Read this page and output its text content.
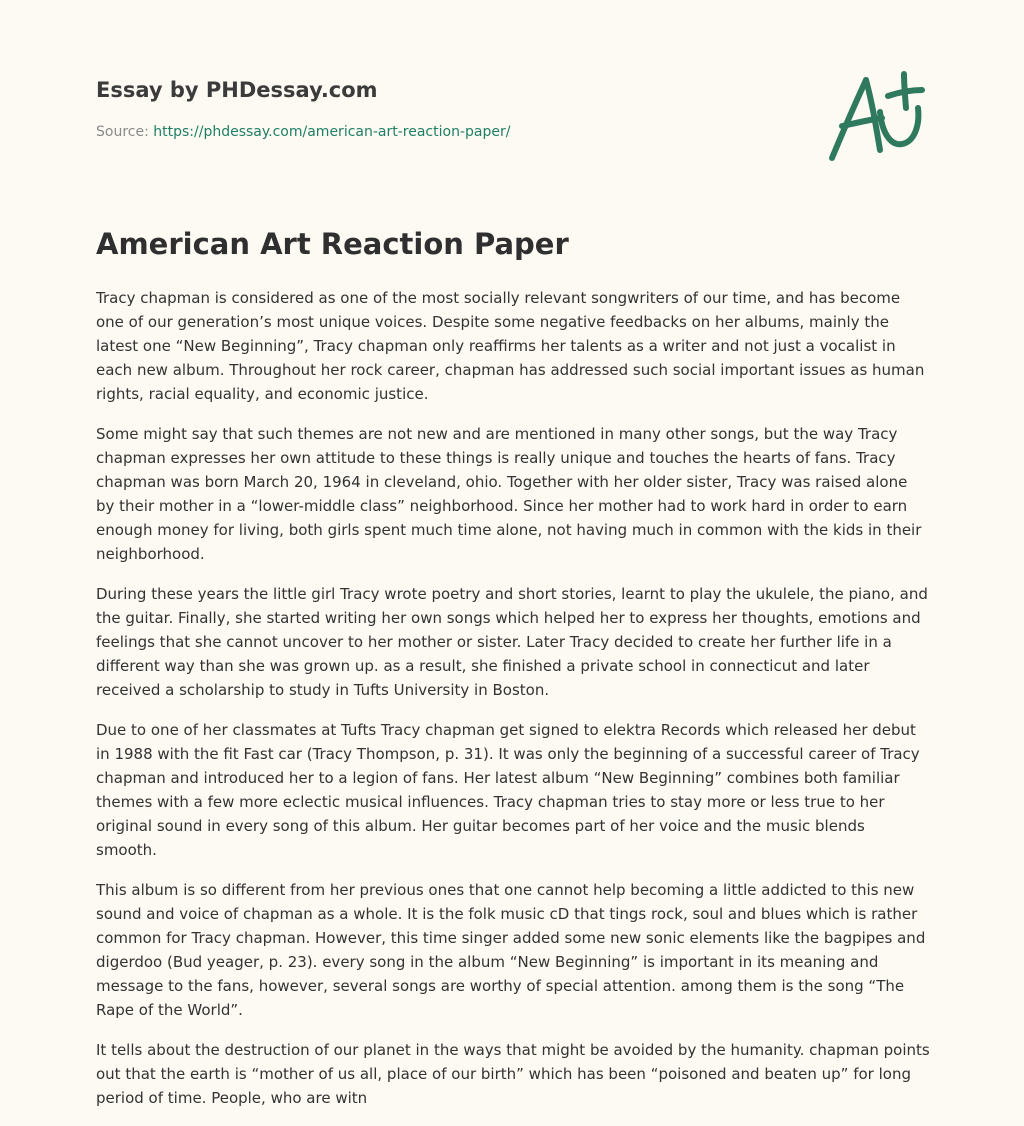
Essay by PHDessay.com
Source: https://phdessay.com/american-art-reaction-paper/
American Art Reaction Paper

Tracy chapman is considered as one of the most socially relevant songwriters of our time, and has become one of our generation’s most unique voices. Despite some negative feedbacks on her albums, mainly the latest one “New Beginning”, Tracy chapman only reaffirms her talents as a writer and not just a vocalist in each new album. Throughout her rock career, chapman has addressed such social important issues as human rights, racial equality, and economic justice.

Some might say that such themes are not new and are mentioned in many other songs, but the way Tracy chapman expresses her own attitude to these things is really unique and touches the hearts of fans. Tracy chapman was born March 20, 1964 in cleveland, ohio. Together with her older sister, Tracy was raised alone by their mother in a “lower-middle class” neighborhood. Since her mother had to work hard in order to earn enough money for living, both girls spent much time alone, not having much in common with the kids in their neighborhood.

During these years the little girl Tracy wrote poetry and short stories, learnt to play the ukulele, the piano, and the guitar. Finally, she started writing her own songs which helped her to express her thoughts, emotions and feelings that she cannot uncover to her mother or sister. Later Tracy decided to create her further life in a different way than she was grown up. as a result, she finished a private school in connecticut and later received a scholarship to study in Tufts University in Boston.

Due to one of her classmates at Tufts Tracy chapman get signed to elektra Records which released her debut in 1988 with the fit Fast car (Tracy Thompson, p. 31). It was only the beginning of a successful career of Tracy chapman and introduced her to a legion of fans. Her latest album “New Beginning” combines both familiar themes with a few more eclectic musical influences. Tracy chapman tries to stay more or less true to her original sound in every song of this album. Her guitar becomes part of her voice and the music blends smooth.

This album is so different from her previous ones that one cannot help becoming a little addicted to this new sound and voice of chapman as a whole. It is the folk music cD that tings rock, soul and blues which is rather common for Tracy chapman. However, this time singer added some new sonic elements like the bagpipes and digerdoo (Bud yeager, p. 23). every song in the album “New Beginning” is important in its meaning and message to the fans, however, several songs are worthy of special attention. among them is the song “The Rape of the World”.

It tells about the destruction of our planet in the ways that might be avoided by the humanity. chapman points out that the earth is “mother of us all, place of our birth” which has been “poisoned and beaten up” for long period of time. People, who are witn
